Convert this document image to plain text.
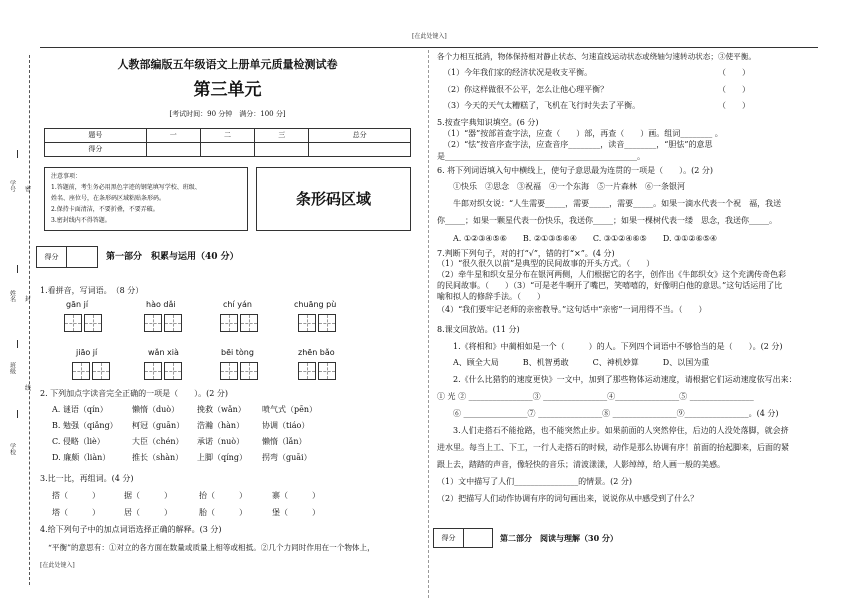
[在此处键入]
学号
姓名
班级
学校
密
封
线
人教部编版五年级语文上册单元质量检测试卷
第三单元
[考试时间：90 分钟　满分：100 分]
题号	一	二	三	总分
得分				
注意事项：
1.答题前，考生务必用黑色字迹的钢笔填写学校、班级、
姓名、座位号，在条形码区域粘贴条形码。
2.保持卡面清洁，不要折叠，不要弄破。
3.密封线内不得答题。
条形码区域
得分	第一部分　积累与运用（40 分）
1.看拼音，写词语。　（8 分）
gān jí	hào dǎi	chí yán	chuāng pù
jiāo jí	wǎn xià	bēi tòng	zhēn bǎo
2. 下列加点字读音完全正确的一项是（　　）。(2 分)
A. 谜语（qín）	懒惰（duò） 挽救（wǎn） 喷气式（pēn）
B. 勉强（qiǎng） 柯冠（guān） 浩瀚（hàn） 协调（tiáo）
C. 侵略（liè）	大臣（chén） 承诺（nuò） 懒惰（lǎn）
D. 廉颇（liàn）	推长（shàn） 上脚（qíng） 拐弯（guāi）
3.比一比，再组词。(4 分)
搭（　　　）	据（　　　）	抬（　　　）	寨（　　　）
塔（　　　）	居（　　　）	胎（　　　）	堡（　　　）
4.给下列句子中的加点词语选择正确的解释。(3 分)
“平衡”的意思有：①对立的各方面在数量或质量上相等或相抵。②几个力同时作用在一个物体上，
[在此处键入]
各个力相互抵消，物体保持相对静止状态、匀速直线运动状态或绕轴匀速转动状态；③使平衡。
（1）今年我们家的经济状况是收支平衡。	（　　）
（2）你这样做很不公平，怎么让他心理平衡？	（　　）
（3）今天的天气太糟糕了，飞机在飞行时失去了平衡。	（　　）
5.按查字典知识填空。(6 分)
（1）“器”按部首查字法，应查（　　）部，再查（　　）画。组词________ 。
（2）“怯”按音序查字法，应查音序________，读音________，“胆怯”的意思
是________________________________________________。
6. 将下列词语填入句中横线上，使句子意思最为连贯的一项是（　　）。(2 分)
①快乐　②思念　③祝福　④一个东海　⑤一片森林　⑥一条银河
牛郎对织女说：“人生需要_____，需要_____，需要_____。如果一滴水代表一个祝　福，我送
你_____；如果一颗星代表一份快乐，我送你_____；如果一棵树代表一缕　思念，我送你_____。
A. ①②③④⑤⑥　　B. ②①③⑤⑥④　　C. ③①②④⑥⑤　　D. ③①②⑥⑤④
7.判断下列句子，对的打“√”，错的打“×”。(4 分)
（1）“很久很久以前”是典型的民间故事的开头方式。（　　）
（2）牵牛星和织女星分布在银河两侧，人们根据它的名字，创作出《牛郎织女》这个充满传奇色彩
的民间故事。（　　）（3）“可是老牛啊开了嘴巴，笑嘻嘻的，好像明白他的意思。”这句话运用了比
喻和拟人的修辞手法。（　　）
（4）“我们要牢记老师的亲密教导。”这句话中“亲密”一词用得不当。（　　）
8.课文回放站。(11 分)
1.《将相和》中蔺相如是一个（　　　）的人。下列四个词语中不够恰当的是（　　）。(2 分)
A、顾全大局　　　B、机智勇敢　　　C、神机妙算　　　D、以国为重
2.《什么比猎豹的速度更快》一文中，加到了那些物体运动速度，请根据它们运动速度依写出来：
① 光 ② ________________③ ________________④________________⑤ ________________
⑥ ________________⑦ ________________⑧ ________________⑨________________。(4 分)
3.人们走搭石不能抢路，也不能突然止步。如果前面的人突然停住，后边的人没处落脚，就会挤
进水里。每当上工、下工，一行人走搭石的时候，动作是那么协调有序！前面的抬起脚来，后面的紧
跟上去，踏踏的声音，像轻快的音乐；清波漾漾，人影绰绰，给人画一般的美感。
（1）文中描写了人们________________的情景。(2 分)
（2）把描写人们动作协调有序的词句画出来，说说你从中感受到了什么？
得分	第二部分　阅读与理解（30 分）
